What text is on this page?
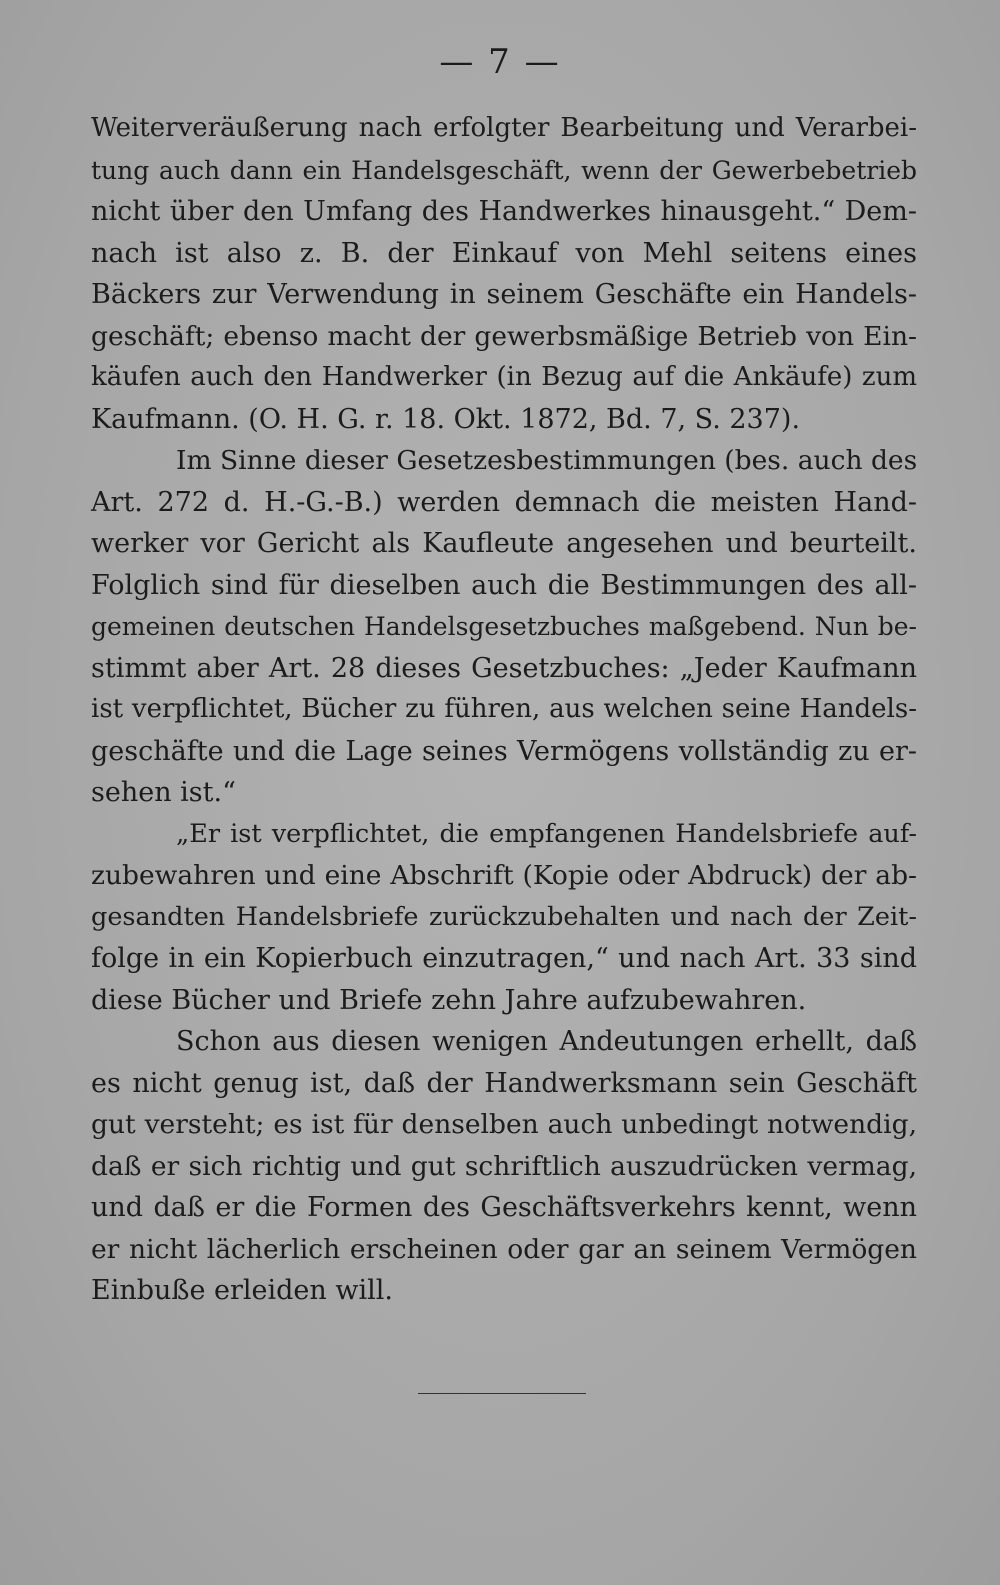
— 7 —
Weiterveräußerung nach erfolgter Bearbeitung und Verarbei-
tung auch dann ein Handelsgeschäft, wenn der Gewerbebetrieb
nicht über den Umfang des Handwerkes hinausgeht.“ Dem-
nach ist also z. B. der Einkauf von Mehl seitens eines
Bäckers zur Verwendung in seinem Geschäfte ein Handels-
geschäft; ebenso macht der gewerbsmäßige Betrieb von Ein-
käufen auch den Handwerker (in Bezug auf die Ankäufe) zum
Kaufmann. (O. H. G. r. 18. Okt. 1872, Bd. 7, S. 237).
Im Sinne dieser Gesetzesbestimmungen (bes. auch des
Art. 272 d. H.-G.-B.) werden demnach die meisten Hand-
werker vor Gericht als Kaufleute angesehen und beurteilt.
Folglich sind für dieselben auch die Bestimmungen des all-
gemeinen deutschen Handelsgesetzbuches maßgebend. Nun be-
stimmt aber Art. 28 dieses Gesetzbuches: „Jeder Kaufmann
ist verpflichtet, Bücher zu führen, aus welchen seine Handels-
geschäfte und die Lage seines Vermögens vollständig zu er-
sehen ist.“
„Er ist verpflichtet, die empfangenen Handelsbriefe auf-
zubewahren und eine Abschrift (Kopie oder Abdruck) der ab-
gesandten Handelsbriefe zurückzubehalten und nach der Zeit-
folge in ein Kopierbuch einzutragen,“ und nach Art. 33 sind
diese Bücher und Briefe zehn Jahre aufzubewahren.
Schon aus diesen wenigen Andeutungen erhellt, daß
es nicht genug ist, daß der Handwerksmann sein Geschäft
gut versteht; es ist für denselben auch unbedingt notwendig,
daß er sich richtig und gut schriftlich auszudrücken vermag,
und daß er die Formen des Geschäftsverkehrs kennt, wenn
er nicht lächerlich erscheinen oder gar an seinem Vermögen
Einbuße erleiden will.
